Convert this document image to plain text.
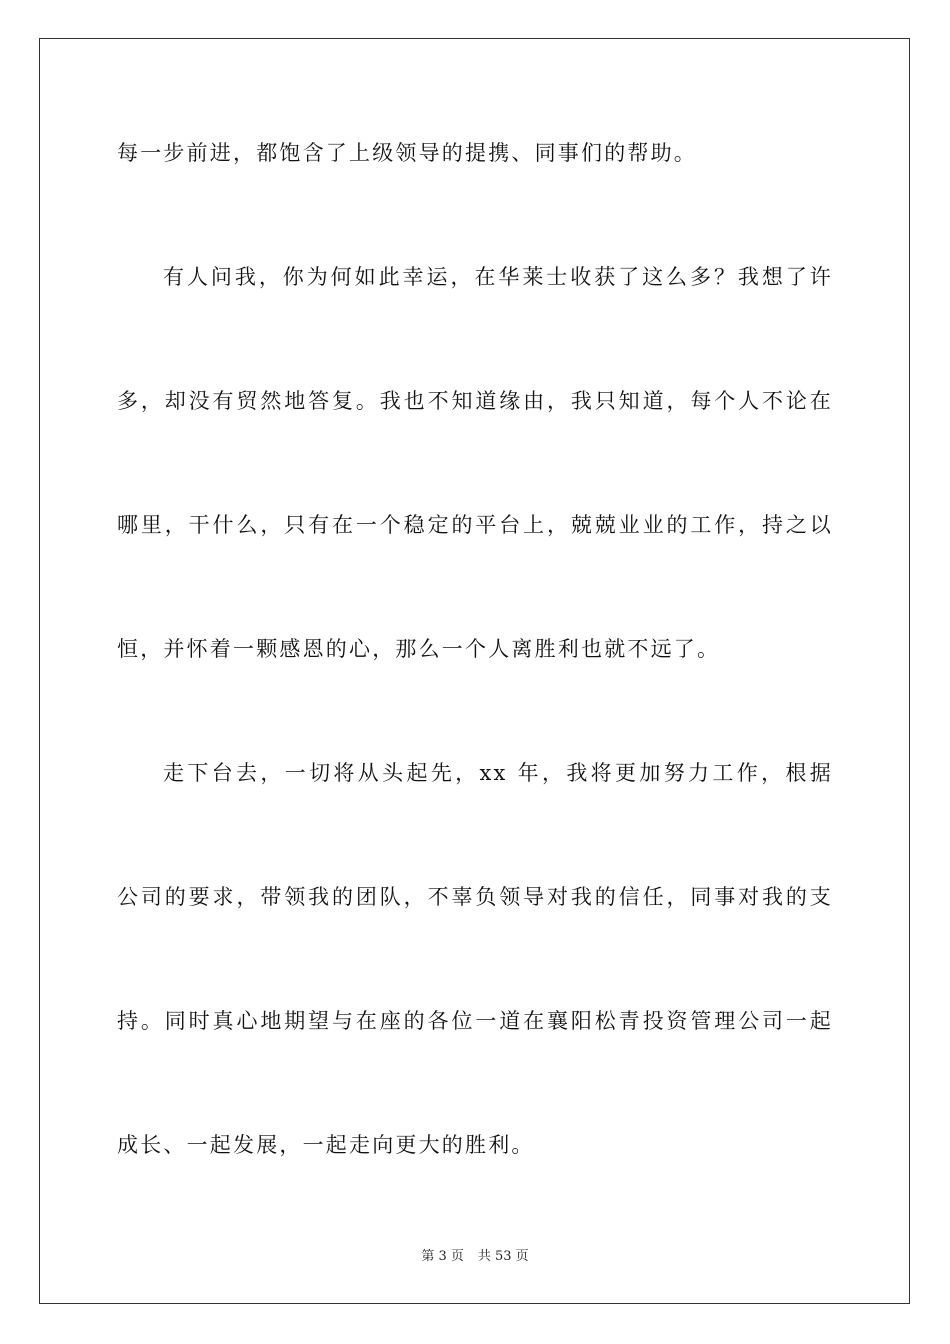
每一步前进，都饱含了上级领导的提携、同事们的帮助。
有人问我，你为何如此幸运，在华莱士收获了这么多？我想了许
多，却没有贸然地答复。我也不知道缘由，我只知道，每个人不论在
哪里，干什么，只有在一个稳定的平台上，兢兢业业的工作，持之以
恒，并怀着一颗感恩的心，那么一个人离胜利也就不远了。
走下台去，一切将从头起先，xx 年，我将更加努力工作，根据
公司的要求，带领我的团队，不辜负领导对我的信任，同事对我的支
持。同时真心地期望与在座的各位一道在襄阳松青投资管理公司一起
成长、一起发展，一起走向更大的胜利。
第 3 页 共 53 页
